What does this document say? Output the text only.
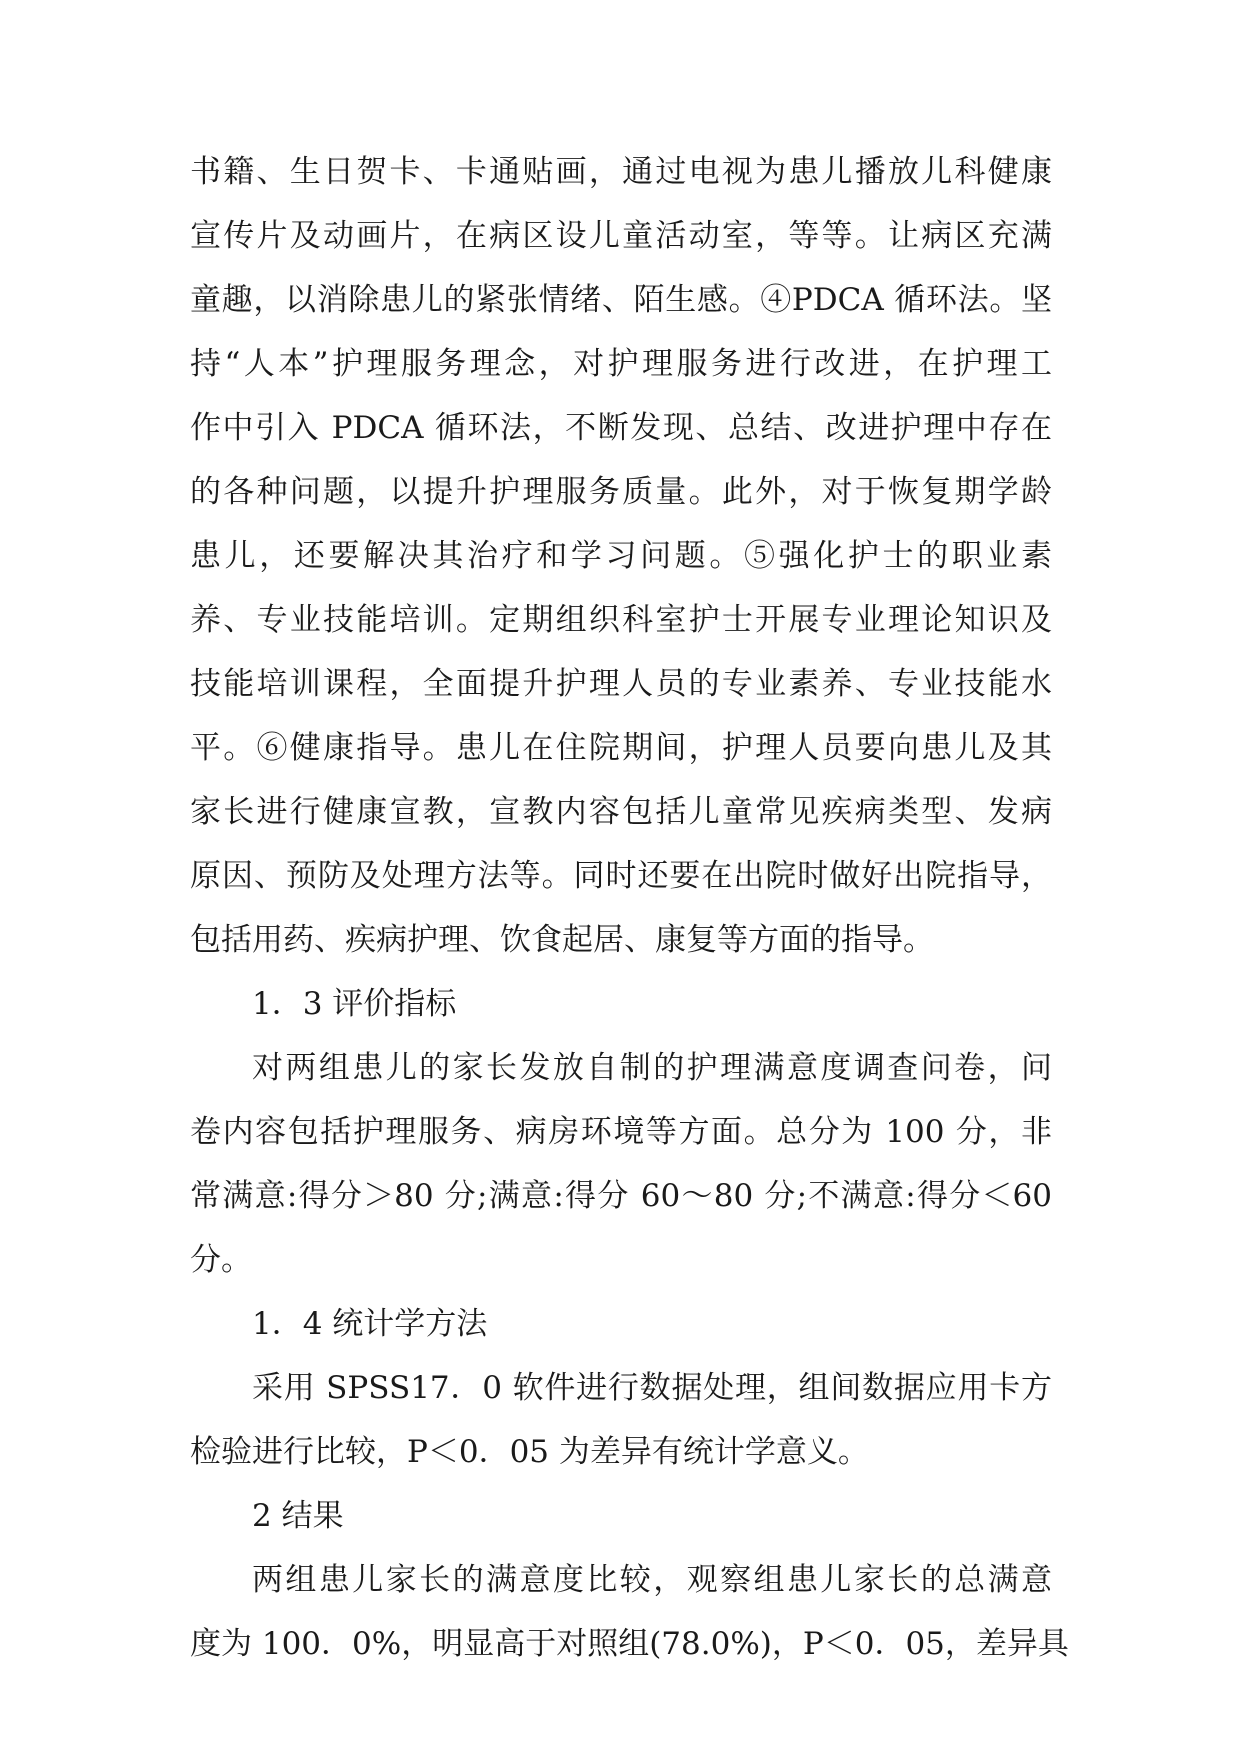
书籍、生日贺卡、卡通贴画，通过电视为患儿播放儿科健康
宣传片及动画片，在病区设儿童活动室，等等。让病区充满
童趣，以消除患儿的紧张情绪、陌生感。④PDCA 循环法。坚
持“人本”护理服务理念，对护理服务进行改进，在护理工
作中引入 PDCA 循环法，不断发现、总结、改进护理中存在
的各种问题，以提升护理服务质量。此外，对于恢复期学龄
患儿，还要解决其治疗和学习问题。⑤强化护士的职业素
养、专业技能培训。定期组织科室护士开展专业理论知识及
技能培训课程，全面提升护理人员的专业素养、专业技能水
平。⑥健康指导。患儿在住院期间，护理人员要向患儿及其
家长进行健康宣教，宣教内容包括儿童常见疾病类型、发病
原因、预防及处理方法等。同时还要在出院时做好出院指导，
包括用药、疾病护理、饮食起居、康复等方面的指导。
1．3 评价指标
对两组患儿的家长发放自制的护理满意度调查问卷，问
卷内容包括护理服务、病房环境等方面。总分为 100 分，非
常满意:得分＞80 分;满意:得分 60～80 分;不满意:得分＜60
分。
1．4 统计学方法
采用 SPSS17．0 软件进行数据处理，组间数据应用卡方
检验进行比较，P＜0．05 为差异有统计学意义。
2 结果
两组患儿家长的满意度比较，观察组患儿家长的总满意
度为 100．0%，明显高于对照组(78.0%)，P＜0．05，差异具
